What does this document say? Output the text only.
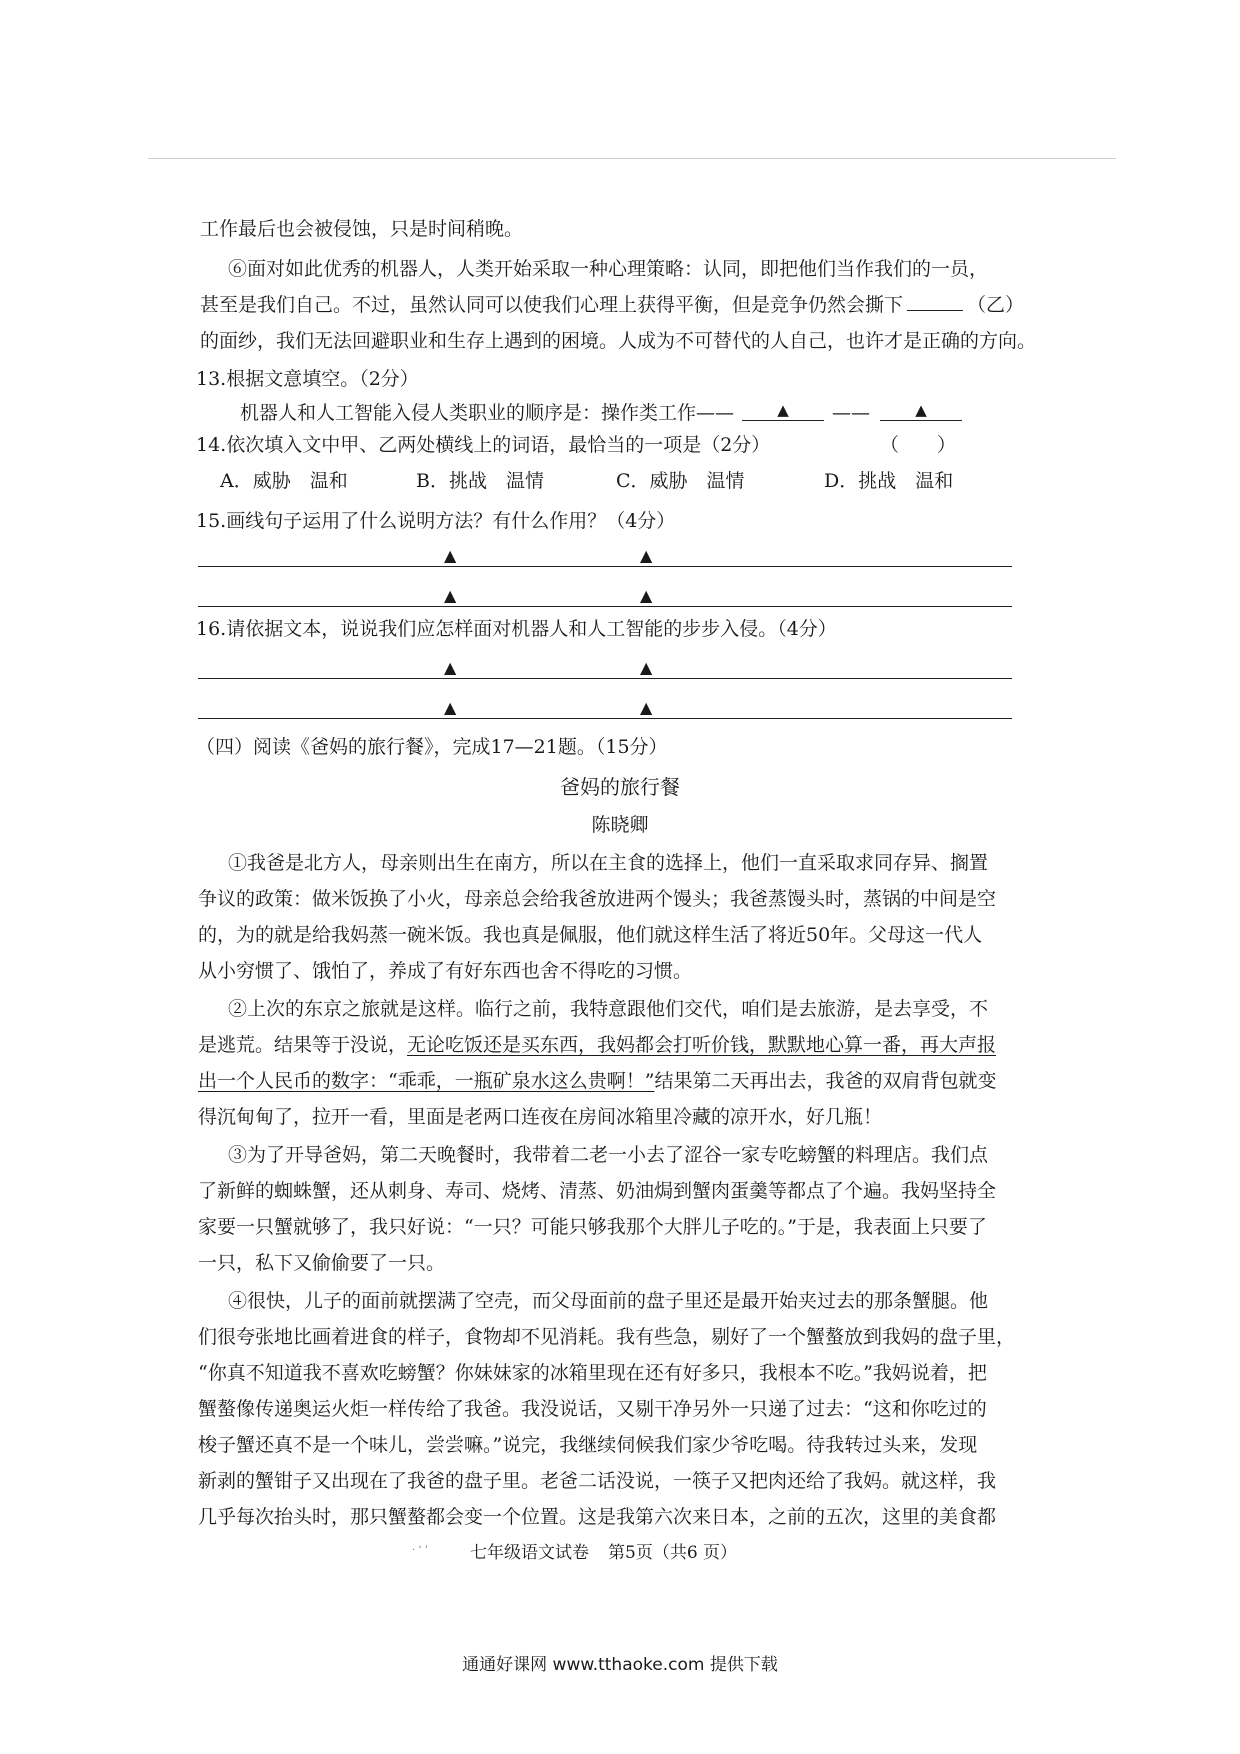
工作最后也会被侵蚀，只是时间稍晚。
⑥面对如此优秀的机器人，人类开始采取一种心理策略：认同，即把他们当作我们的一员，
甚至是我们自己。不过，虽然认同可以使我们心理上获得平衡，但是竞争仍然会撕下	（乙）
的面纱，我们无法回避职业和生存上遇到的困境。人成为不可替代的人自己，也许才是正确的方向。
13.根据文意填空。（2分）
机器人和人工智能入侵人类职业的顺序是：操作类工作——	▲	——	▲
14.依次填入文中甲、乙两处横线上的词语，最恰当的一项是（2分）	（　　）
A．威胁　温和	B．挑战　温情	C．威胁　温情	D．挑战　温和
15.画线句子运用了什么说明方法？有什么作用？（4分）
▲	▲
▲	▲
16.请依据文本，说说我们应怎样面对机器人和人工智能的步步入侵。（4分）
▲	▲
▲	▲
（四）阅读《爸妈的旅行餐》，完成17—21题。（15分）
爸妈的旅行餐
陈晓卿
①我爸是北方人，母亲则出生在南方，所以在主食的选择上，他们一直采取求同存异、搁置
争议的政策：做米饭换了小火，母亲总会给我爸放进两个馒头；我爸蒸馒头时，蒸锅的中间是空
的，为的就是给我妈蒸一碗米饭。我也真是佩服，他们就这样生活了将近50年。父母这一代人
从小穷惯了、饿怕了，养成了有好东西也舍不得吃的习惯。
②上次的东京之旅就是这样。临行之前，我特意跟他们交代，咱们是去旅游，是去享受，不
是逃荒。结果等于没说，无论吃饭还是买东西，我妈都会打听价钱，默默地心算一番，再大声报
出一个人民币的数字：“乖乖，一瓶矿泉水这么贵啊！”结果第二天再出去，我爸的双肩背包就变
得沉甸甸了，拉开一看，里面是老两口连夜在房间冰箱里冷藏的凉开水，好几瓶！
③为了开导爸妈，第二天晚餐时，我带着二老一小去了涩谷一家专吃螃蟹的料理店。我们点
了新鲜的蜘蛛蟹，还从刺身、寿司、烧烤、清蒸、奶油焗到蟹肉蛋羹等都点了个遍。我妈坚持全
家要一只蟹就够了，我只好说：“一只？可能只够我那个大胖儿子吃的。”于是，我表面上只要了
一只，私下又偷偷要了一只。
④很快，儿子的面前就摆满了空壳，而父母面前的盘子里还是最开始夹过去的那条蟹腿。他
们很夸张地比画着进食的样子，食物却不见消耗。我有些急，剔好了一个蟹螯放到我妈的盘子里，
“你真不知道我不喜欢吃螃蟹？你妹妹家的冰箱里现在还有好多只，我根本不吃。”我妈说着，把
蟹螯像传递奥运火炬一样传给了我爸。我没说话，又剔干净另外一只递了过去：“这和你吃过的
梭子蟹还真不是一个味儿，尝尝嘛。”说完，我继续伺候我们家少爷吃喝。待我转过头来，发现
新剥的蟹钳子又出现在了我爸的盘子里。老爸二话没说，一筷子又把肉还给了我妈。就这样，我
几乎每次抬头时，那只蟹螯都会变一个位置。这是我第六次来日本，之前的五次，这里的美食都
七年级语文试卷 第5页（共6 页）
· ‘ ’
通通好课网 www.tthaoke.com 提供下载
